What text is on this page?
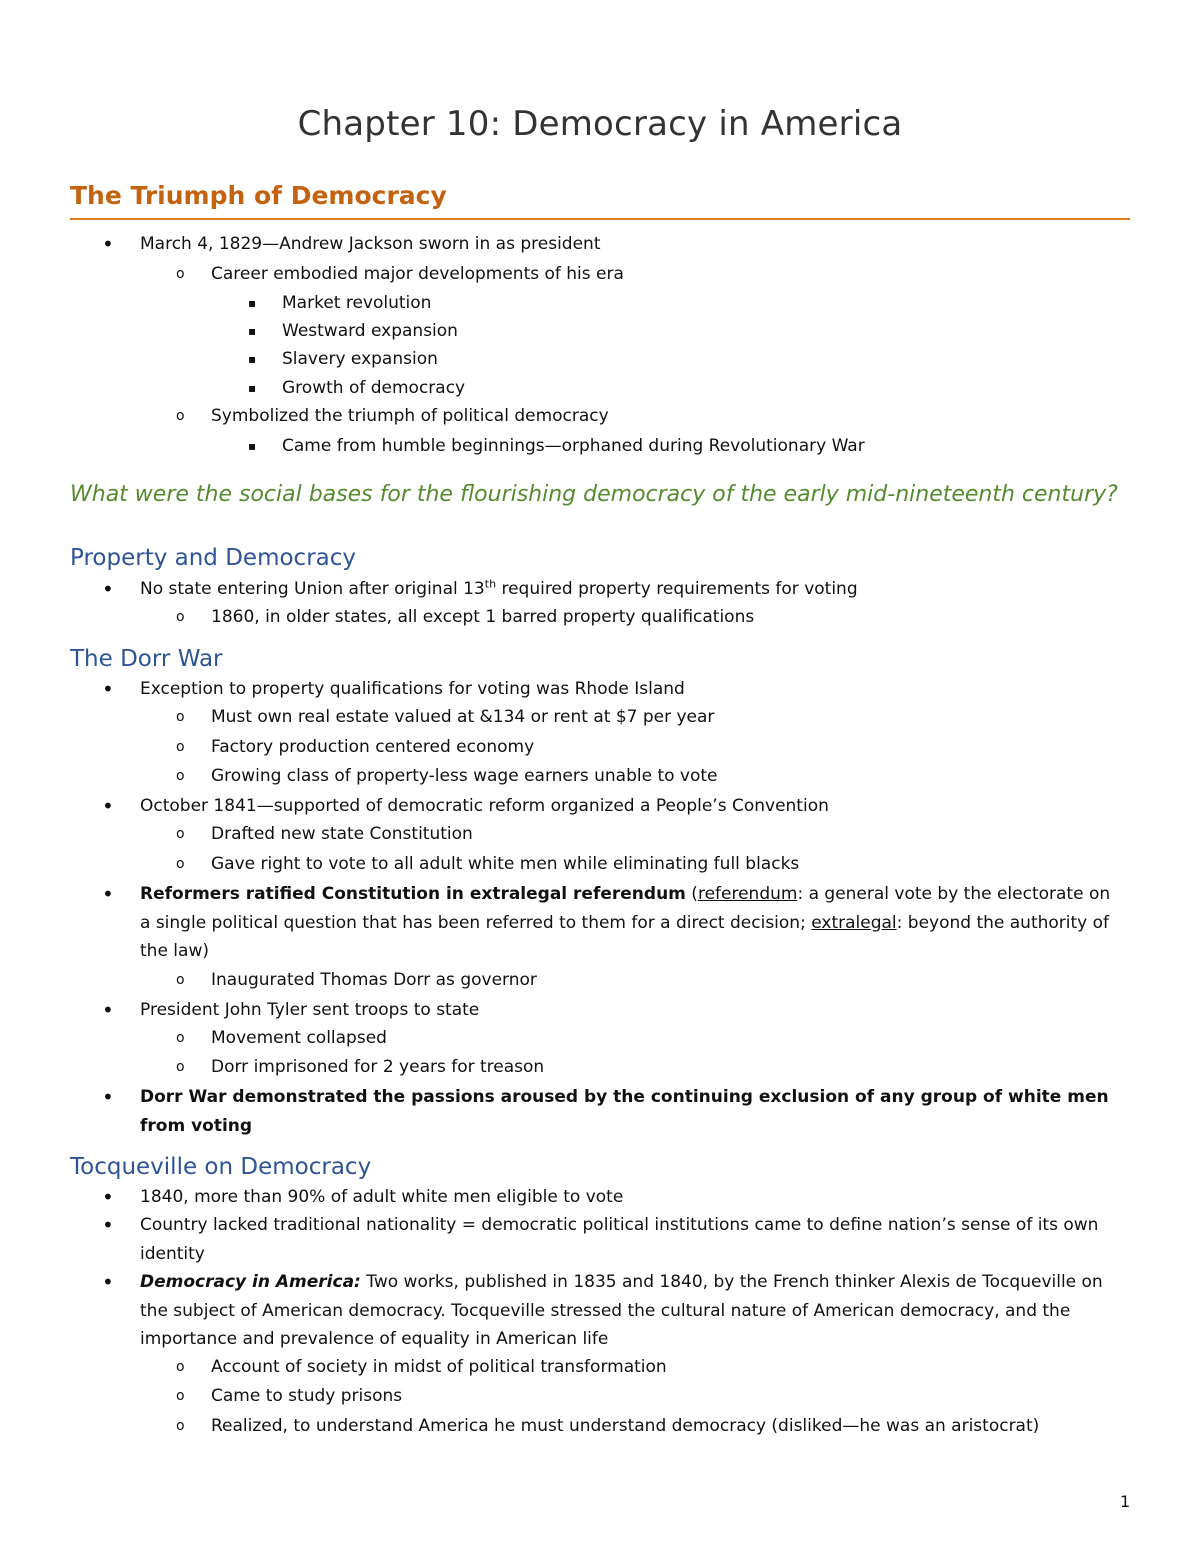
Chapter 10: Democracy in America
The Triumph of Democracy
• March 4, 1829—Andrew Jackson sworn in as president
o Career embodied major developments of his era
▪ Market revolution
▪ Westward expansion
▪ Slavery expansion
▪ Growth of democracy
o Symbolized the triumph of political democracy
▪ Came from humble beginnings—orphaned during Revolutionary War
What were the social bases for the flourishing democracy of the early mid-nineteenth century?
Property and Democracy
• No state entering Union after original 13th required property requirements for voting
o 1860, in older states, all except 1 barred property qualifications
The Dorr War
• Exception to property qualifications for voting was Rhode Island
o Must own real estate valued at &134 or rent at $7 per year
o Factory production centered economy
o Growing class of property-less wage earners unable to vote
• October 1841—supported of democratic reform organized a People’s Convention
o Drafted new state Constitution
o Gave right to vote to all adult white men while eliminating full blacks
• Reformers ratified Constitution in extralegal referendum (referendum: a general vote by the electorate on a single political question that has been referred to them for a direct decision; extralegal: beyond the authority of the law)
o Inaugurated Thomas Dorr as governor
• President John Tyler sent troops to state
o Movement collapsed
o Dorr imprisoned for 2 years for treason
• Dorr War demonstrated the passions aroused by the continuing exclusion of any group of white men from voting
Tocqueville on Democracy
• 1840, more than 90% of adult white men eligible to vote
• Country lacked traditional nationality = democratic political institutions came to define nation’s sense of its own identity
• Democracy in America: Two works, published in 1835 and 1840, by the French thinker Alexis de Tocqueville on the subject of American democracy. Tocqueville stressed the cultural nature of American democracy, and the importance and prevalence of equality in American life
o Account of society in midst of political transformation
o Came to study prisons
o Realized, to understand America he must understand democracy (disliked—he was an aristocrat)
1
